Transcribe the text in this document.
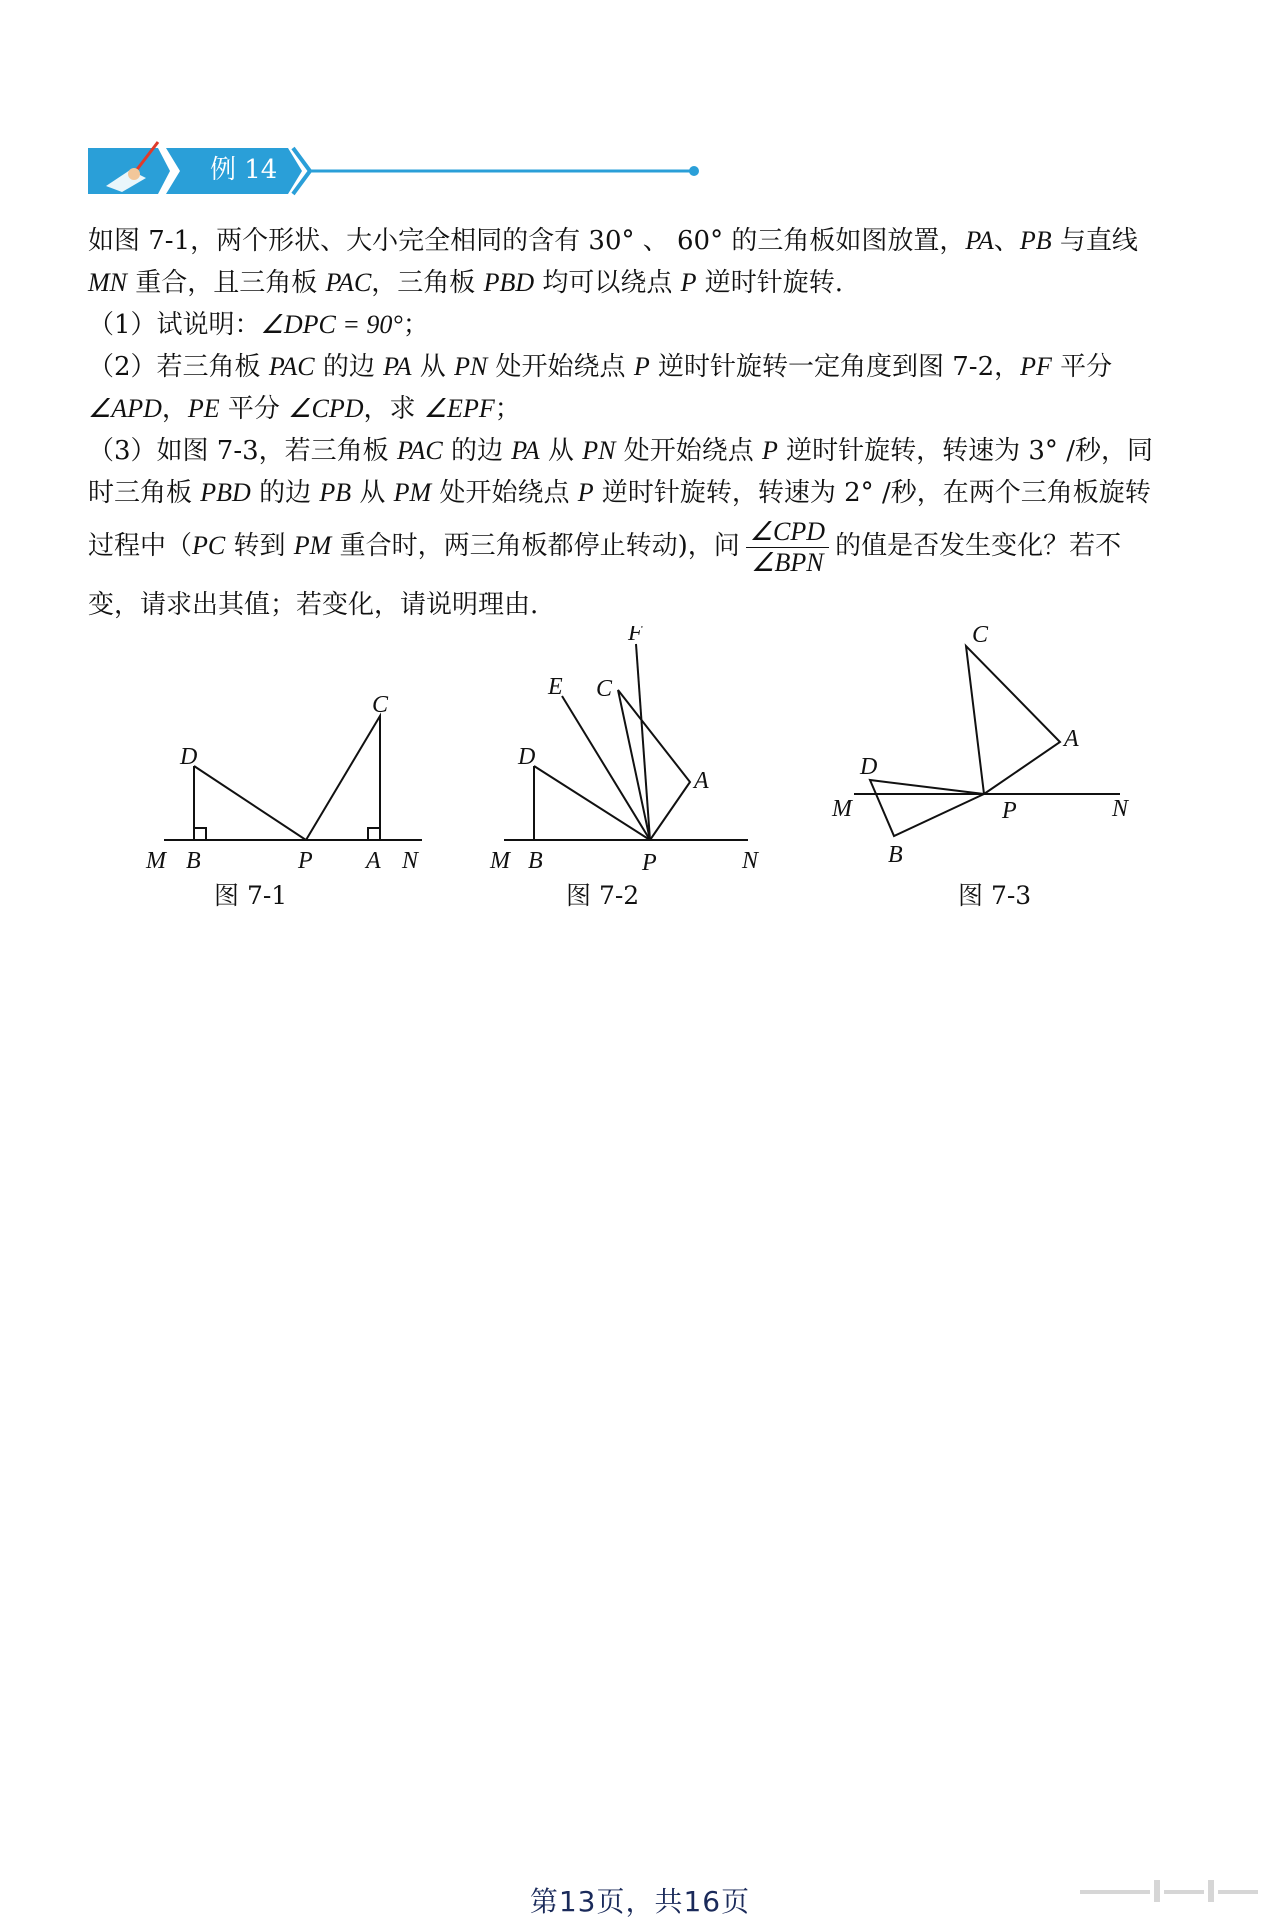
例 14

如图 7-1，两个形状、大小完全相同的含有 30° 、 60° 的三角板如图放置，PA、PB 与直线

MN 重合，且三角板 PAC，三角板 PBD 均可以绕点 P 逆时针旋转.

（1）试说明：∠DPC = 90°；

（2）若三角板 PAC 的边 PA 从 PN 处开始绕点 P 逆时针旋转一定角度到图 7-2，PF 平分

∠APD，PE 平分 ∠CPD，求 ∠EPF；

（3）如图 7-3，若三角板 PAC 的边 PA 从 PN 处开始绕点 P 逆时针旋转，转速为 3° /秒，同

时三角板 PBD 的边 PB 从 PM 处开始绕点 P 逆时针旋转，转速为 2° /秒，在两个三角板旋转

过程中（PC 转到 PM 重合时，两三角板都停止转动)，问 $\frac{\text{∠CPD}}{\text{∠BPN}}$ 的值是否发生变化？若不

变，请求出其值；若变化，请说明理由.

D
C
M B	P A N
图 7-1
F
E C
D
A
M B	P	N
图 7-2
C
A
D
M	P	N
B
图 7-3
第13页，共16页
